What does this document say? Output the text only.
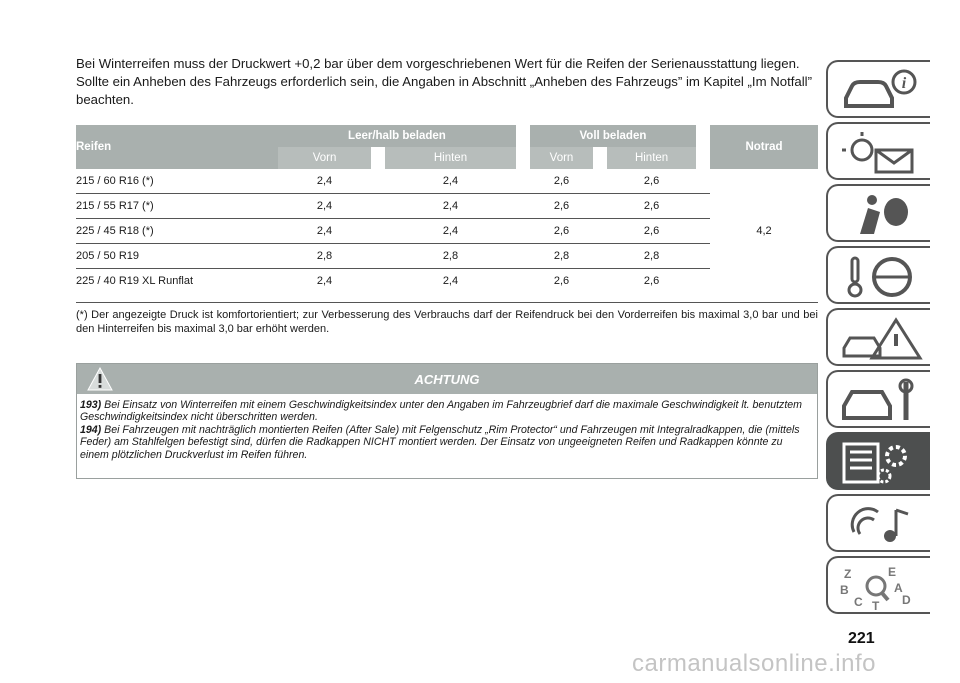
Bei Winterreifen muss der Druckwert +0,2 bar über dem vorgeschriebenen Wert für die Reifen der Serienausstattung liegen.

Sollte ein Anheben des Fahrzeugs erforderlich sein, die Angaben in Abschnitt „Anheben des Fahrzeugs” im Kapitel „Im Notfall” beachten.

Reifen	Leer/halb beladen				Voll beladen				Notrad
	Vorn		Hinten		Vorn		Hinten		
215 / 60 R16 (*)	2,4		2,4		2,6		2,6		4,2
215 / 55 R17 (*)	2,4		2,4		2,6		2,6		
225 / 45 R18 (*)	2,4		2,4		2,6		2,6		
205 / 50 R19	2,8		2,8		2,8		2,8		
225 / 40 R19 XL Runflat	2,4		2,4		2,6		2,6		
(*) Der angezeigte Druck ist komfortorientiert; zur Verbesserung des Verbrauchs darf der Reifendruck bei den Vorderreifen bis maximal 3,0 bar und bei den Hinterreifen bis maximal 3,0 bar erhöht werden.
ACHTUNG

193) Bei Einsatz von Winterreifen mit einem Geschwindigkeitsindex unter den Angaben im Fahrzeugbrief darf die maximale Geschwindigkeit lt. benutztem Geschwindigkeitsindex nicht überschritten werden.

194) Bei Fahrzeugen mit nachträglich montierten Reifen (After Sale) mit Felgenschutz „Rim Protector“ und Fahrzeugen mit Integralradkappen, die (mittels Feder) am Stahlfelgen befestigt sind, dürfen die Radkappen NICHT montiert werden. Der Einsatz von ungeeigneten Reifen und Radkappen könnte zu einem plötzlichen Druckverlust im Reifen führen.

i
Z	E
B	A
C	D
T
221
carmanualsonline.info
